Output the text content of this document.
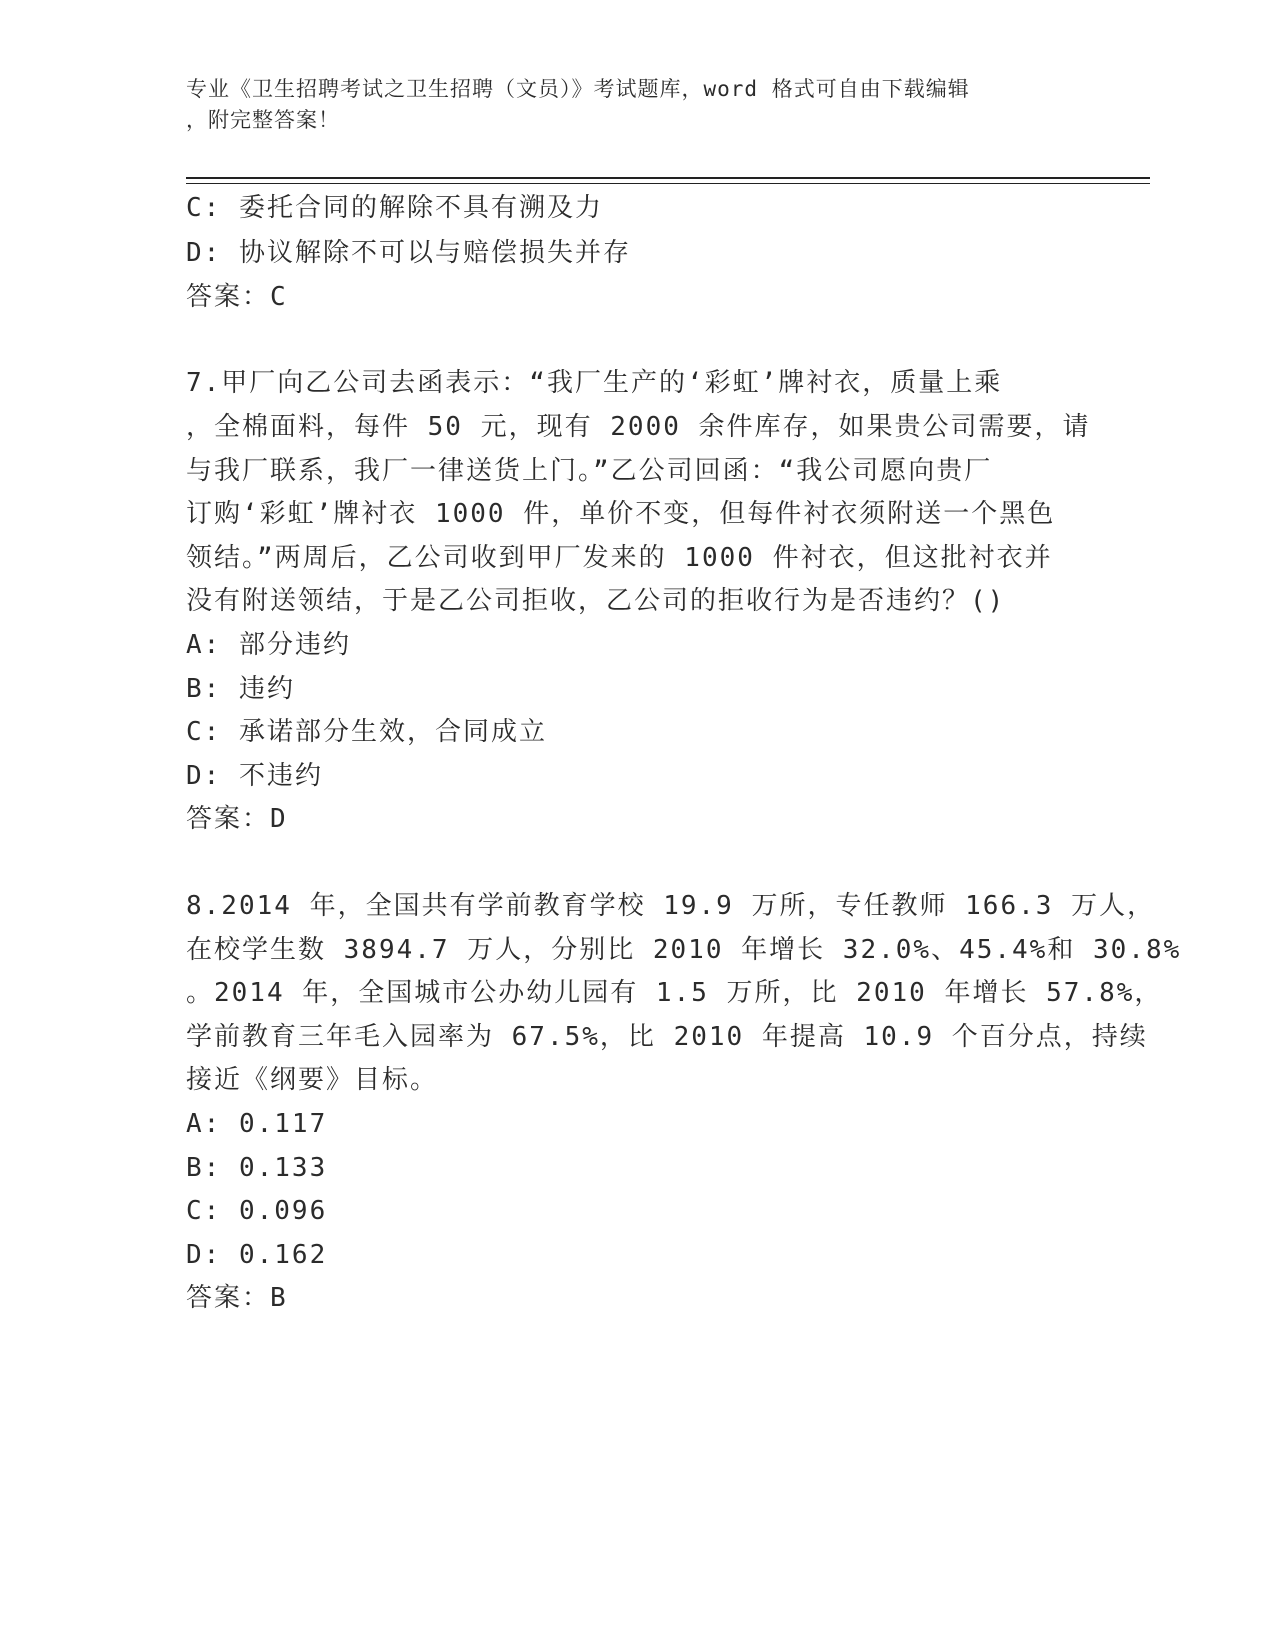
专业《卫生招聘考试之卫生招聘（文员）》考试题库，word 格式可自由下载编辑
，附完整答案！
C: 委托合同的解除不具有溯及力
D: 协议解除不可以与赔偿损失并存
答案：C
7.甲厂向乙公司去函表示：“我厂生产的‘彩虹’牌衬衣，质量上乘
，全棉面料，每件 50 元，现有 2000 余件库存，如果贵公司需要，请
与我厂联系，我厂一律送货上门。”乙公司回函：“我公司愿向贵厂
订购‘彩虹’牌衬衣 1000 件，单价不变，但每件衬衣须附送一个黑色
领结。”两周后，乙公司收到甲厂发来的 1000 件衬衣，但这批衬衣并
没有附送领结，于是乙公司拒收，乙公司的拒收行为是否违约？()
A: 部分违约
B: 违约
C: 承诺部分生效，合同成立
D: 不违约
答案：D
8.2014 年，全国共有学前教育学校 19.9 万所，专任教师 166.3 万人，
在校学生数 3894.7 万人，分别比 2010 年增长 32.0%、45.4%和 30.8%
。2014 年，全国城市公办幼儿园有 1.5 万所，比 2010 年增长 57.8%，
学前教育三年毛入园率为 67.5%，比 2010 年提高 10.9 个百分点，持续
接近《纲要》目标。
A: 0.117
B: 0.133
C: 0.096
D: 0.162
答案：B
